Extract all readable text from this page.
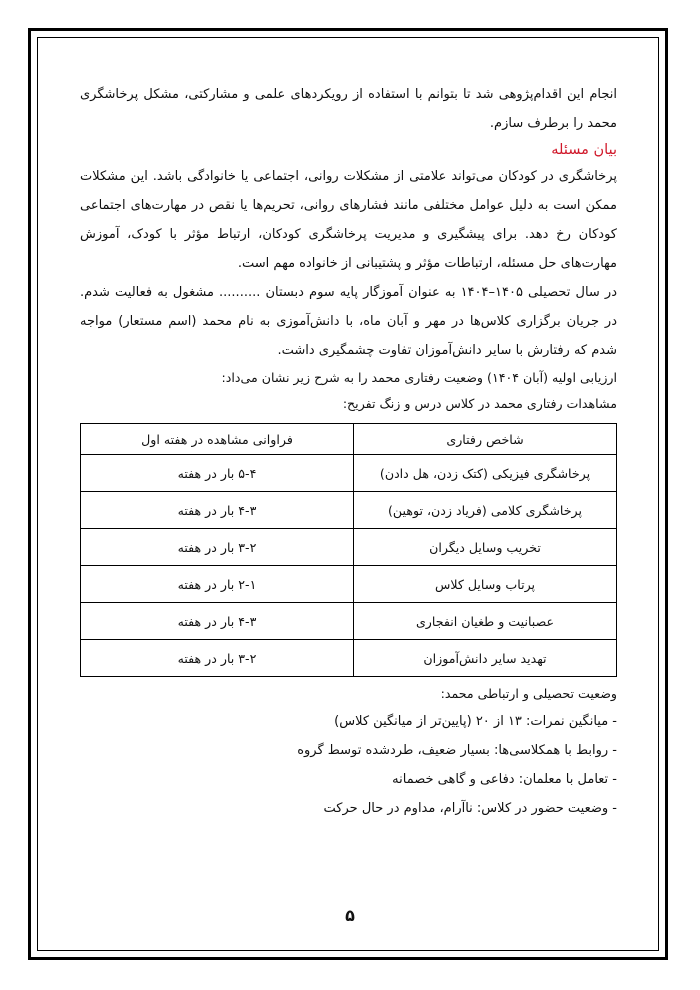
انجام این اقدام‌پژوهی شد تا بتوانم با استفاده از رویکردهای علمی و مشارکتی، مشکل پرخاشگری محمد را برطرف سازم.

بیان مسئله

پرخاشگری در کودکان می‌تواند علامتی از مشکلات روانی، اجتماعی یا خانوادگی باشد. این مشکلات ممکن است به دلیل عوامل مختلفی مانند فشارهای روانی، تحریم‌ها یا نقص در مهارت‌های اجتماعی کودکان رخ دهد. برای پیشگیری و مدیریت پرخاشگری کودکان، ارتباط مؤثر با کودک، آموزش مهارت‌های حل مسئله، ارتباطات مؤثر و پشتیبانی از خانواده مهم است.

در سال تحصیلی ۱۴۰۵–۱۴۰۴ به عنوان آموزگار پایه سوم دبستان .......... مشغول به فعالیت شدم. در جریان برگزاری کلاس‌ها در مهر و آبان ماه، با دانش‌آموزی به نام محمد (اسم مستعار) مواجه شدم که رفتارش با سایر دانش‌آموزان تفاوت چشمگیری داشت.

ارزیابی اولیه (آبان ۱۴۰۴) وضعیت رفتاری محمد را به شرح زیر نشان می‌داد:

مشاهدات رفتاری محمد در کلاس درس و زنگ تفریح:

شاخص رفتاری	فراوانی مشاهده در هفته اول
پرخاشگری فیزیکی (کتک زدن، هل دادن)	۵-۴ بار در هفته
پرخاشگری کلامی (فریاد زدن، توهین)	۴-۳ بار در هفته
تخریب وسایل دیگران	۳-۲ بار در هفته
پرتاب وسایل کلاس	۲-۱ بار در هفته
عصبانیت و طغیان انفجاری	۴-۳ بار در هفته
تهدید سایر دانش‌آموزان	۳-۲ بار در هفته

وضعیت تحصیلی و ارتباطی محمد:

- میانگین نمرات: ۱۳ از ۲۰ (پایین‌تر از میانگین کلاس)

- روابط با همکلاسی‌ها: بسیار ضعیف، طردشده توسط گروه

- تعامل با معلمان: دفاعی و گاهی خصمانه

- وضعیت حضور در کلاس: ناآرام، مداوم در حال حرکت

۵
